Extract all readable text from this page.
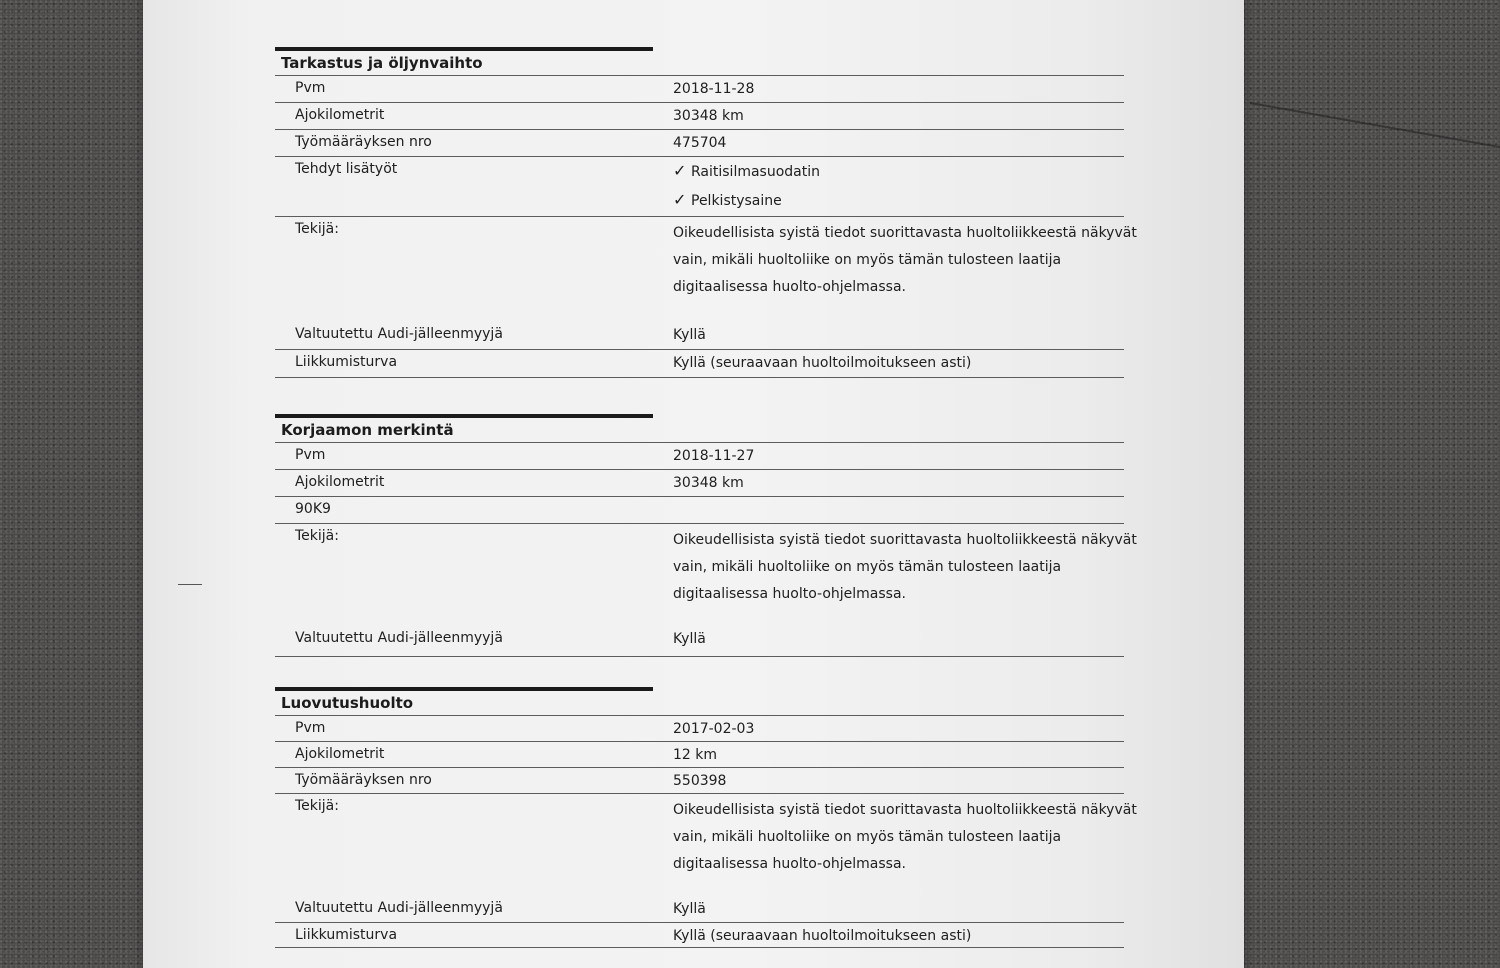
Tarkastus ja öljynvaihto
Pvm	2018-11-28
Ajokilometrit	30348 km
Työmääräyksen nro	475704
Tehdyt lisätyöt	✓ Raitisilmasuodatin
✓ Pelkistysaine
Tekijä:	Oikeudellisista syistä tiedot suorittavasta huoltoliikkeestä näkyvät
vain, mikäli huoltoliike on myös tämän tulosteen laatija
digitaalisessa huolto-ohjelmassa.
Valtuutettu Audi-jälleenmyyjä	Kyllä
Liikkumisturva	Kyllä (seuraavaan huoltoilmoitukseen asti)
Korjaamon merkintä
Pvm	2018-11-27
Ajokilometrit	30348 km
90K9
Tekijä:	Oikeudellisista syistä tiedot suorittavasta huoltoliikkeestä näkyvät
vain, mikäli huoltoliike on myös tämän tulosteen laatija
digitaalisessa huolto-ohjelmassa.
Valtuutettu Audi-jälleenmyyjä	Kyllä
Luovutushuolto
Pvm	2017-02-03
Ajokilometrit	12 km
Työmääräyksen nro	550398
Tekijä:	Oikeudellisista syistä tiedot suorittavasta huoltoliikkeestä näkyvät
vain, mikäli huoltoliike on myös tämän tulosteen laatija
digitaalisessa huolto-ohjelmassa.
Valtuutettu Audi-jälleenmyyjä	Kyllä
Liikkumisturva	Kyllä (seuraavaan huoltoilmoitukseen asti)
